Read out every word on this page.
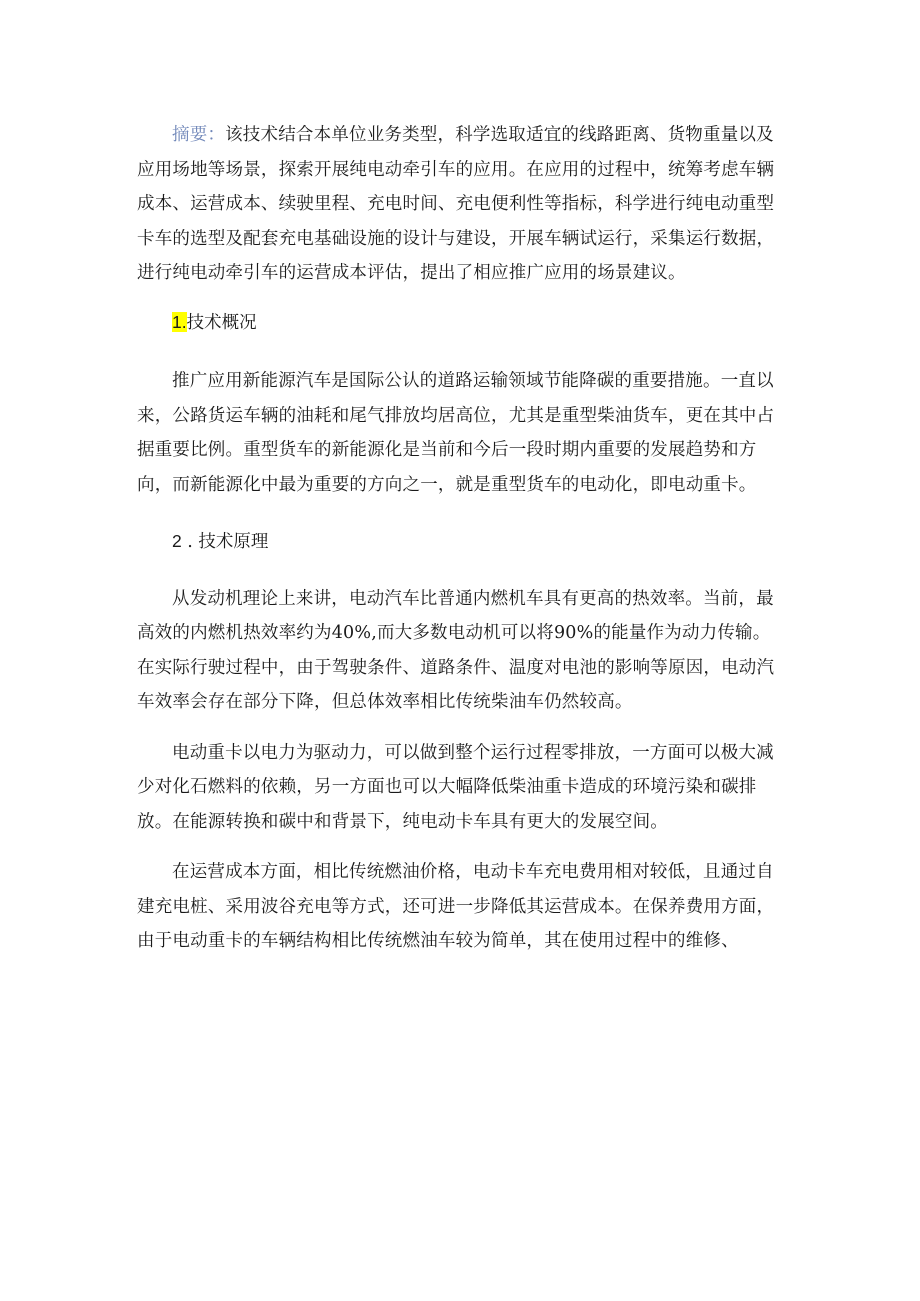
摘要：该技术结合本单位业务类型，科学选取适宜的线路距离、货物重量以及应用场地等场景，探索开展纯电动牵引车的应用。在应用的过程中，统筹考虑车辆成本、运营成本、续驶里程、充电时间、充电便利性等指标，科学进行纯电动重型卡车的选型及配套充电基础设施的设计与建设，开展车辆试运行，采集运行数据，进行纯电动牵引车的运营成本评估，提出了相应推广应用的场景建议。

1.技术概况

推广应用新能源汽车是国际公认的道路运输领域节能降碳的重要措施。一直以来，公路货运车辆的油耗和尾气排放均居高位，尤其是重型柴油货车，更在其中占据重要比例。重型货车的新能源化是当前和今后一段时期内重要的发展趋势和方向，而新能源化中最为重要的方向之一，就是重型货车的电动化，即电动重卡。

2 . 技术原理

从发动机理论上来讲，电动汽车比普通内燃机车具有更高的热效率。当前，最高效的内燃机热效率约为40%,而大多数电动机可以将90%的能量作为动力传输。在实际行驶过程中，由于驾驶条件、道路条件、温度对电池的影响等原因，电动汽车效率会存在部分下降，但总体效率相比传统柴油车仍然较高。

电动重卡以电力为驱动力，可以做到整个运行过程零排放，一方面可以极大减少对化石燃料的依赖，另一方面也可以大幅降低柴油重卡造成的环境污染和碳排放。在能源转换和碳中和背景下，纯电动卡车具有更大的发展空间。

在运营成本方面，相比传统燃油价格，电动卡车充电费用相对较低，且通过自建充电桩、采用波谷充电等方式，还可进一步降低其运营成本。在保养费用方面，由于电动重卡的车辆结构相比传统燃油车较为简单，其在使用过程中的维修、
